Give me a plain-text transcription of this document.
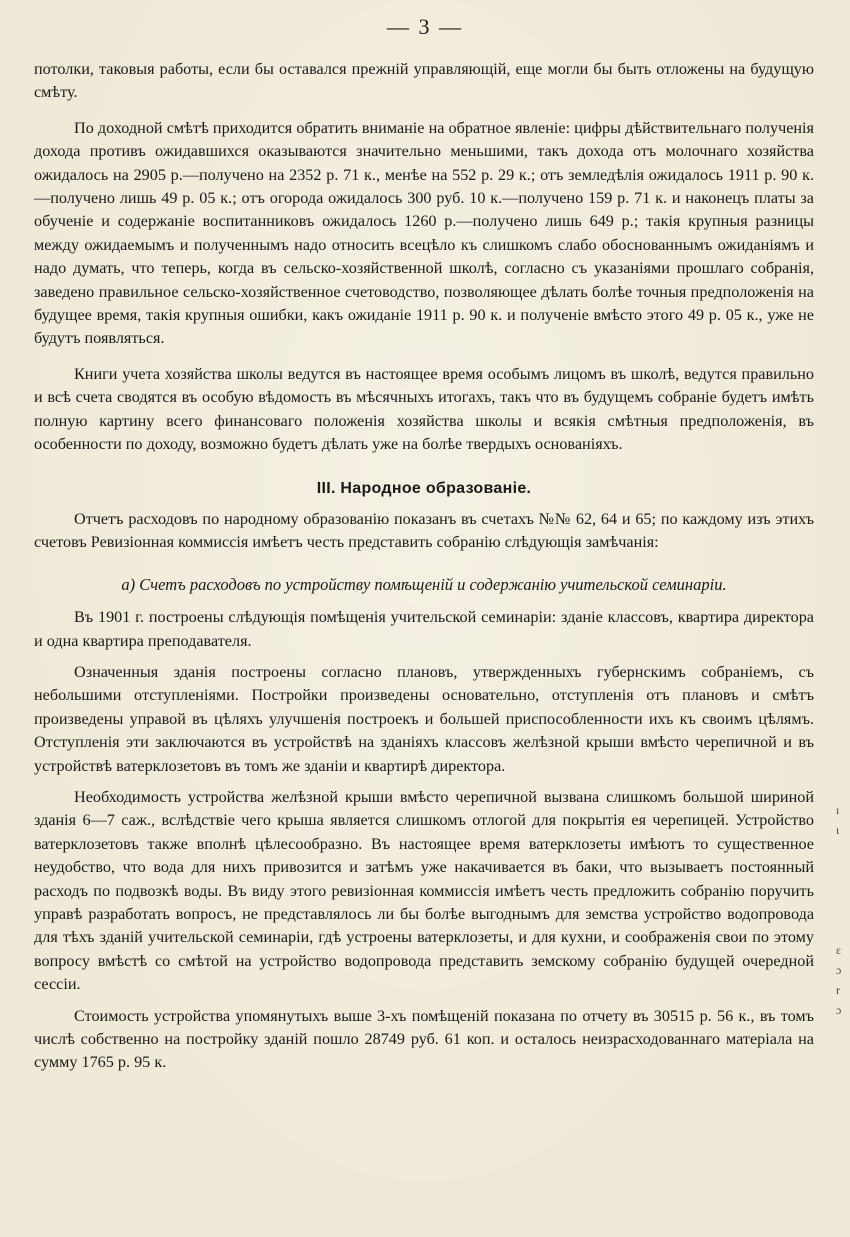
— 3 —

потолки, таковыя работы, если бы оставался прежній управляющій, еще могли бы быть отложены на будущую смѣту.

По доходной смѣтѣ приходится обратить вниманіе на обратное явленіе: цифры дѣйствительнаго полученія дохода противъ ожидавшихся оказываются значительно меньшими, такъ дохода отъ молочнаго хозяйства ожидалось на 2905 р.—получено на 2352 р. 71 к., менѣе на 552 р. 29 к.; отъ земледѣлія ожидалось 1911 р. 90 к.—получено лишь 49 р. 05 к.; отъ огорода ожидалось 300 руб. 10 к.—получено 159 р. 71 к. и наконецъ платы за обученіе и содержаніе воспитанниковъ ожидалось 1260 р.—получено лишь 649 р.; такія крупныя разницы между ожидаемымъ и полученнымъ надо относить всецѣло къ слишкомъ слабо обоснованнымъ ожиданіямъ и надо думать, что теперь, когда въ сельско-хозяйственной школѣ, согласно съ указаніями прошлаго собранія, заведено правильное сельско-хозяйственное счетоводство, позволяющее дѣлать болѣе точныя предположенія на будущее время, такія крупныя ошибки, какъ ожиданіе 1911 р. 90 к. и полученіе вмѣсто этого 49 р. 05 к., уже не будутъ появляться.

Книги учета хозяйства школы ведутся въ настоящее время особымъ лицомъ въ школѣ, ведутся правильно и всѣ счета сводятся въ особую вѣдомость въ мѣсячныхъ итогахъ, такъ что въ будущемъ собраніе будетъ имѣть полную картину всего финансоваго положенія хозяйства школы и всякія смѣтныя предположенія, въ особенности по доходу, возможно будетъ дѣлать уже на болѣе твердыхъ основаніяхъ.

III. Народное образованіе.

Отчетъ расходовъ по народному образованію показанъ въ счетахъ №№ 62, 64 и 65; по каждому изъ этихъ счетовъ Ревизіонная коммиссія имѣетъ честь представить собранію слѣдующія замѣчанія:

а) Счетъ расходовъ по устройству помѣщеній и содержанію учительской семинаріи.

Въ 1901 г. построены слѣдующія помѣщенія учительской семинаріи: зданіе классовъ, квартира директора и одна квартира преподавателя.

Означенныя зданія построены согласно плановъ, утвержденныхъ губернскимъ собраніемъ, съ небольшими отступленіями. Постройки произведены основательно, отступленія отъ плановъ и смѣтъ произведены управой въ цѣляхъ улучшенія построекъ и большей приспособленности ихъ къ своимъ цѣлямъ. Отступленія эти заключаются въ устройствѣ на зданіяхъ классовъ желѣзной крыши вмѣсто черепичной и въ устройствѣ ватерклозетовъ въ томъ же зданіи и квартирѣ директора.

Необходимость устройства желѣзной крыши вмѣсто черепичной вызвана слишкомъ большой шириной зданія 6—7 саж., вслѣдствіе чего крыша является слишкомъ отлогой для покрытія ея черепицей. Устройство ватерклозетовъ также вполнѣ цѣлесообразно. Въ настоящее время ватерклозеты имѣютъ то существенное неудобство, что вода для нихъ привозится и затѣмъ уже накачивается въ баки, что вызываетъ постоянный расходъ по подвозкѣ воды. Въ виду этого ревизіонная коммиссія имѣетъ честь предложить собранію поручить управѣ разработать вопросъ, не представлялось ли бы болѣе выгоднымъ для земства устройство водопровода для тѣхъ зданій учительской семинаріи, гдѣ устроены ватерклозеты, и для кухни, и соображенія свои по этому вопросу вмѣстѣ со смѣтой на устройство водопровода представить земскому собранію будущей очередной сессіи.

Стоимость устройства упомянутыхъ выше 3-хъ помѣщеній показана по отчету въ 30515 р. 56 к., въ томъ числѣ собственно на постройку зданій пошло 28749 руб. 61 коп. и осталось неизрасходованнаго матеріала на сумму 1765 р. 95 к.

ı
ι
ε
ɔ
r
ɔ
